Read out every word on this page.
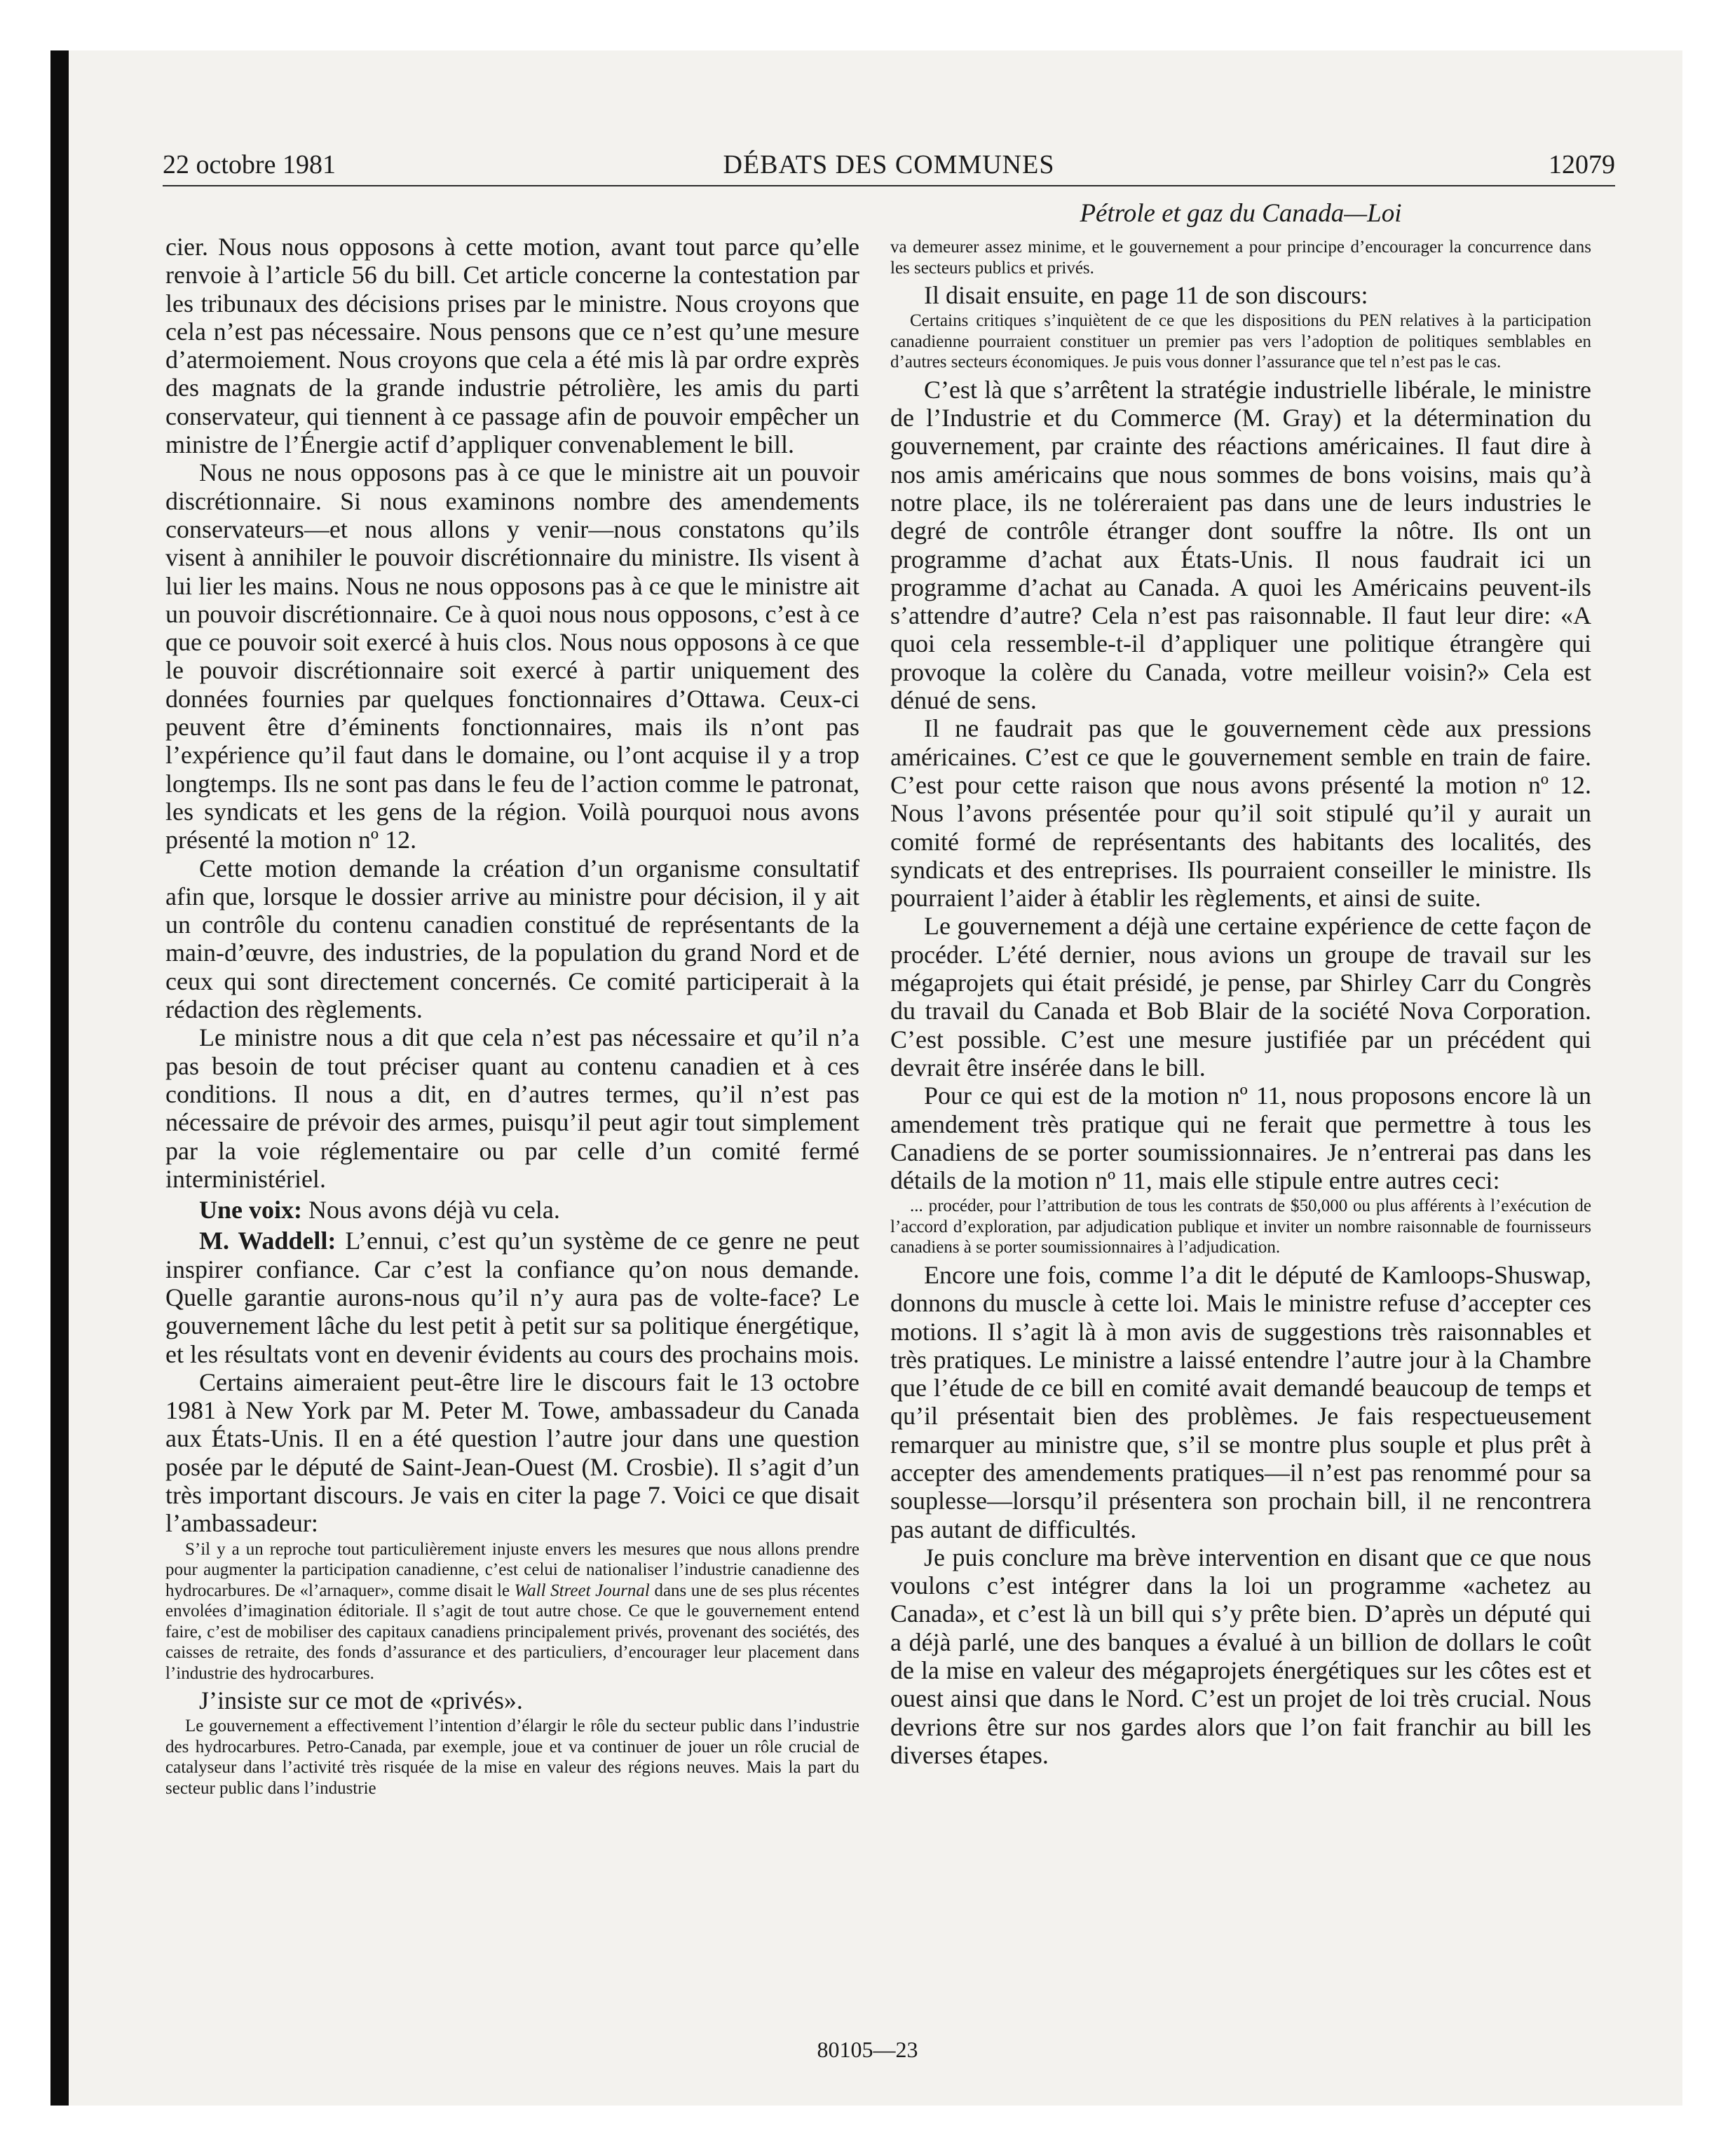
22 octobre 1981	DÉBATS DES COMMUNES	12079

cier. Nous nous opposons à cette motion, avant tout parce qu’elle renvoie à l’article 56 du bill. Cet article concerne la contestation par les tribunaux des décisions prises par le ministre. Nous croyons que cela n’est pas nécessaire. Nous pensons que ce n’est qu’une mesure d’atermoiement. Nous croyons que cela a été mis là par ordre exprès des magnats de la grande industrie pétrolière, les amis du parti conservateur, qui tiennent à ce passage afin de pouvoir empêcher un ministre de l’Énergie actif d’appliquer convenablement le bill.

Nous ne nous opposons pas à ce que le ministre ait un pouvoir discrétionnaire. Si nous examinons nombre des amendements conservateurs—et nous allons y venir—nous constatons qu’ils visent à annihiler le pouvoir discrétionnaire du ministre. Ils visent à lui lier les mains. Nous ne nous opposons pas à ce que le ministre ait un pouvoir discrétionnaire. Ce à quoi nous nous opposons, c’est à ce que ce pouvoir soit exercé à huis clos. Nous nous opposons à ce que le pouvoir discrétionnaire soit exercé à partir uniquement des données fournies par quelques fonctionnaires d’Ottawa. Ceux-ci peuvent être d’éminents fonctionnaires, mais ils n’ont pas l’expérience qu’il faut dans le domaine, ou l’ont acquise il y a trop longtemps. Ils ne sont pas dans le feu de l’action comme le patronat, les syndicats et les gens de la région. Voilà pourquoi nous avons présenté la motion nº 12.

Cette motion demande la création d’un organisme consultatif afin que, lorsque le dossier arrive au ministre pour décision, il y ait un contrôle du contenu canadien constitué de représentants de la main-d’œuvre, des industries, de la population du grand Nord et de ceux qui sont directement concernés. Ce comité participerait à la rédaction des règlements.

Le ministre nous a dit que cela n’est pas nécessaire et qu’il n’a pas besoin de tout préciser quant au contenu canadien et à ces conditions. Il nous a dit, en d’autres termes, qu’il n’est pas nécessaire de prévoir des armes, puisqu’il peut agir tout simplement par la voie réglementaire ou par celle d’un comité fermé interministériel.

Une voix: Nous avons déjà vu cela.

M. Waddell: L’ennui, c’est qu’un système de ce genre ne peut inspirer confiance. Car c’est la confiance qu’on nous demande. Quelle garantie aurons-nous qu’il n’y aura pas de volte-face? Le gouvernement lâche du lest petit à petit sur sa politique énergétique, et les résultats vont en devenir évidents au cours des prochains mois.

Certains aimeraient peut-être lire le discours fait le 13 octobre 1981 à New York par M. Peter M. Towe, ambassadeur du Canada aux États-Unis. Il en a été question l’autre jour dans une question posée par le député de Saint-Jean-Ouest (M. Crosbie). Il s’agit d’un très important discours. Je vais en citer la page 7. Voici ce que disait l’ambassadeur:

S’il y a un reproche tout particulièrement injuste envers les mesures que nous allons prendre pour augmenter la participation canadienne, c’est celui de nationaliser l’industrie canadienne des hydrocarbures. De «l’arnaquer», comme disait le Wall Street Journal dans une de ses plus récentes envolées d’imagination éditoriale. Il s’agit de tout autre chose. Ce que le gouvernement entend faire, c’est de mobiliser des capitaux canadiens principalement privés, provenant des sociétés, des caisses de retraite, des fonds d’assurance et des particuliers, d’encourager leur placement dans l’industrie des hydrocarbures.

J’insiste sur ce mot de «privés».

Le gouvernement a effectivement l’intention d’élargir le rôle du secteur public dans l’industrie des hydrocarbures. Petro-Canada, par exemple, joue et va continuer de jouer un rôle crucial de catalyseur dans l’activité très risquée de la mise en valeur des régions neuves. Mais la part du secteur public dans l’industrie
Pétrole et gaz du Canada—Loi
va demeurer assez minime, et le gouvernement a pour principe d’encourager la concurrence dans les secteurs publics et privés.

Il disait ensuite, en page 11 de son discours:

Certains critiques s’inquiètent de ce que les dispositions du PEN relatives à la participation canadienne pourraient constituer un premier pas vers l’adoption de politiques semblables en d’autres secteurs économiques. Je puis vous donner l’assurance que tel n’est pas le cas.

C’est là que s’arrêtent la stratégie industrielle libérale, le ministre de l’Industrie et du Commerce (M. Gray) et la détermination du gouvernement, par crainte des réactions américaines. Il faut dire à nos amis américains que nous sommes de bons voisins, mais qu’à notre place, ils ne toléreraient pas dans une de leurs industries le degré de contrôle étranger dont souffre la nôtre. Ils ont un programme d’achat aux États-Unis. Il nous faudrait ici un programme d’achat au Canada. A quoi les Américains peuvent-ils s’attendre d’autre? Cela n’est pas raisonnable. Il faut leur dire: «A quoi cela ressemble-t-il d’appliquer une politique étrangère qui provoque la colère du Canada, votre meilleur voisin?» Cela est dénué de sens.

Il ne faudrait pas que le gouvernement cède aux pressions américaines. C’est ce que le gouvernement semble en train de faire. C’est pour cette raison que nous avons présenté la motion nº 12. Nous l’avons présentée pour qu’il soit stipulé qu’il y aurait un comité formé de représentants des habitants des localités, des syndicats et des entreprises. Ils pourraient conseiller le ministre. Ils pourraient l’aider à établir les règlements, et ainsi de suite.

Le gouvernement a déjà une certaine expérience de cette façon de procéder. L’été dernier, nous avions un groupe de travail sur les mégaprojets qui était présidé, je pense, par Shirley Carr du Congrès du travail du Canada et Bob Blair de la société Nova Corporation. C’est possible. C’est une mesure justifiée par un précédent qui devrait être insérée dans le bill.

Pour ce qui est de la motion nº 11, nous proposons encore là un amendement très pratique qui ne ferait que permettre à tous les Canadiens de se porter soumissionnaires. Je n’entrerai pas dans les détails de la motion nº 11, mais elle stipule entre autres ceci:

... procéder, pour l’attribution de tous les contrats de $50,000 ou plus afférents à l’exécution de l’accord d’exploration, par adjudication publique et inviter un nombre raisonnable de fournisseurs canadiens à se porter soumissionnaires à l’adjudication.

Encore une fois, comme l’a dit le député de Kamloops-Shuswap, donnons du muscle à cette loi. Mais le ministre refuse d’accepter ces motions. Il s’agit là à mon avis de suggestions très raisonnables et très pratiques. Le ministre a laissé entendre l’autre jour à la Chambre que l’étude de ce bill en comité avait demandé beaucoup de temps et qu’il présentait bien des problèmes. Je fais respectueusement remarquer au ministre que, s’il se montre plus souple et plus prêt à accepter des amendements pratiques—il n’est pas renommé pour sa souplesse—lorsqu’il présentera son prochain bill, il ne rencontrera pas autant de difficultés.

Je puis conclure ma brève intervention en disant que ce que nous voulons c’est intégrer dans la loi un programme «achetez au Canada», et c’est là un bill qui s’y prête bien. D’après un député qui a déjà parlé, une des banques a évalué à un billion de dollars le coût de la mise en valeur des mégaprojets énergétiques sur les côtes est et ouest ainsi que dans le Nord. C’est un projet de loi très crucial. Nous devrions être sur nos gardes alors que l’on fait franchir au bill les diverses étapes.

80105—23
